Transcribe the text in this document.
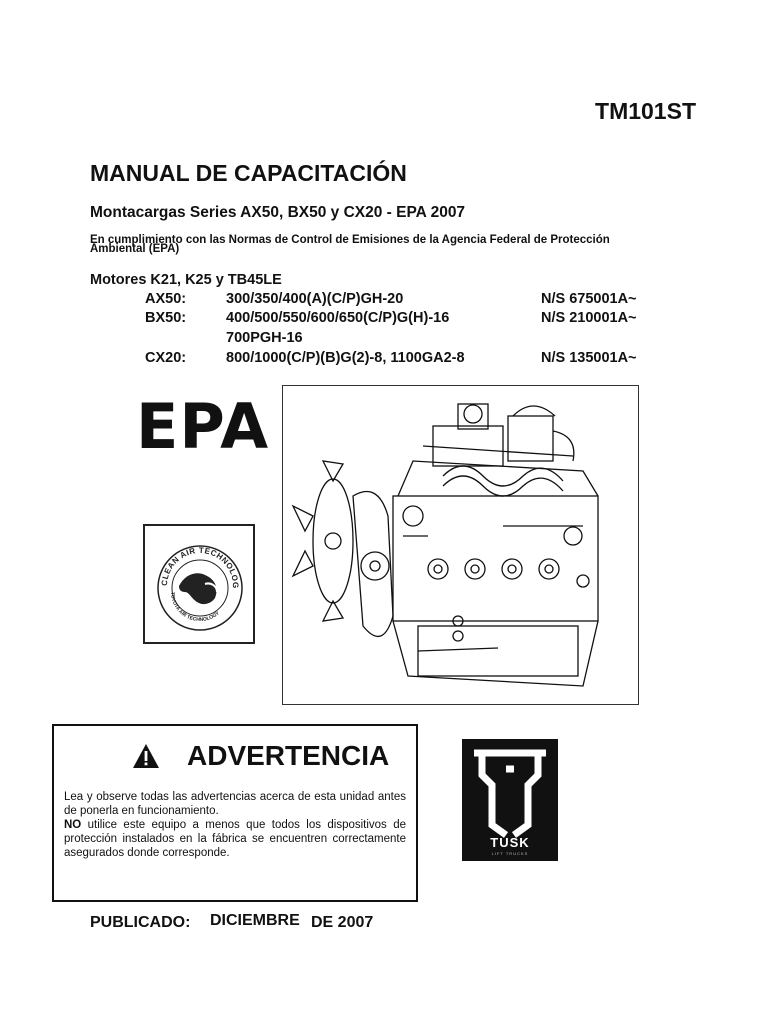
TM101ST
MANUAL DE CAPACITACIÓN
Montacargas Series AX50, BX50 y CX20 - EPA 2007
En cumplimiento con las Normas de Control de Emisiones de la Agencia Federal de Protección
Ambiental (EPA)
Motores K21, K25 y TB45LE
AX50:	300/350/400(A)(C/P)GH-20	N/S 675001A~
BX50:	400/500/550/600/650(C/P)G(H)-16	N/S 210001A~
700PGH-16
CX20:	800/1000(C/P)(B)G(2)-8, 1100GA2-8	N/S 135001A~
EPA
CLEAN AIR TECHNOLOG
TOYOTA AIR TECHNOLOGY
ADVERTENCIA

Lea y observe todas las advertencias acerca de esta unidad antes de ponerla en funcionamiento.

NO utilice este equipo a menos que todos los dispositivos de protección instalados en la fábrica se encuentren correctamente asegurados donde corresponde.

TUSK
LIFT TRUCKS
PUBLICADO: DICIEMBRE DE 2007
